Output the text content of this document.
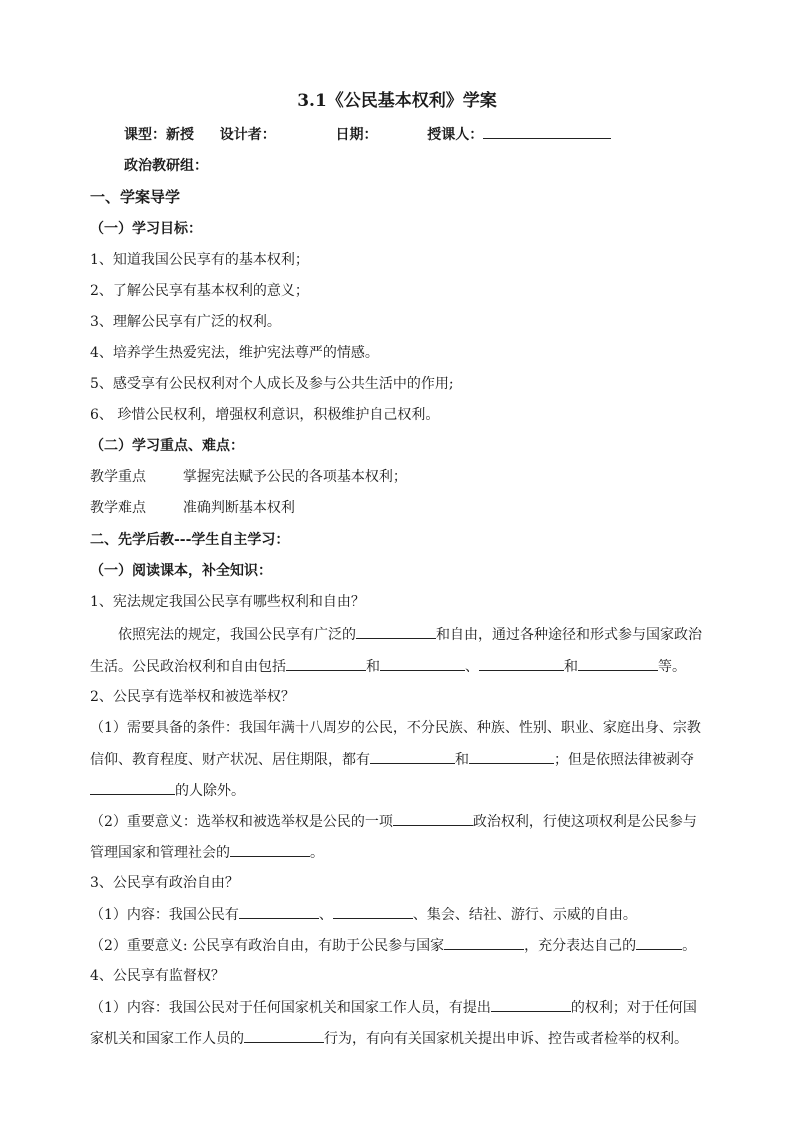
3.1《公民基本权利》学案
课型：新授 设计者：	日期：	授课人：
政治教研组：
一、学案导学
（一）学习目标：
1、知道我国公民享有的基本权利；
2、了解公民享有基本权利的意义；
3、理解公民享有广泛的权利。
4、培养学生热爱宪法，维护宪法尊严的情感。
5、感受享有公民权利对个人成长及参与公共生活中的作用;
6、 珍惜公民权利，增强权利意识，积极维护自己权利。
（二）学习重点、难点：
教学重点	掌握宪法赋予公民的各项基本权利；
教学难点	准确判断基本权利
二、先学后教---学生自主学习：
（一）阅读课本，补全知识：
1、宪法规定我国公民享有哪些权利和自由？
依照宪法的规定，我国公民享有广泛的	和自由，通过各种途径和形式参与国家政治
生活。公民政治权利和自由包括	和	、	和	等。
2、公民享有选举权和被选举权？
（1）需要具备的条件：我国年满十八周岁的公民，不分民族、种族、性别、职业、家庭出身、宗教
信仰、教育程度、财产状况、居住期限，都有	和	；但是依照法律被剥夺
的人除外。
（2）重要意义：选举权和被选举权是公民的一项	政治权利，行使这项权利是公民参与
管理国家和管理社会的	。
3、公民享有政治自由？
（1）内容：我国公民有	、	、集会、结社、游行、示威的自由。
（2）重要意义: 公民享有政治自由，有助于公民参与国家	，充分表达自己的	。
4、公民享有监督权？
（1）内容：我国公民对于任何国家机关和国家工作人员，有提出	的权利；对于任何国
家机关和国家工作人员的	行为，有向有关国家机关提出申诉、控告或者检举的权利。
